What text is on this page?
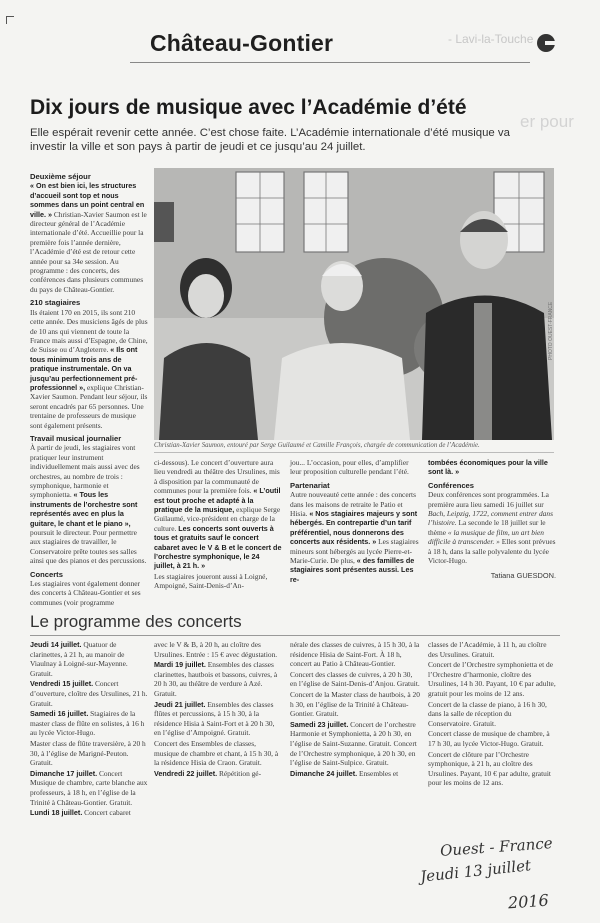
Château-Gontier	- Lavi-la-Touche
Dix jours de musique avec l’Académie d’été
er pour
Elle espérait revenir cette année. C’est chose faite. L’Académie internationale d’été musique va investir la ville et son pays à partir de jeudi et ce jusqu’au 24 juillet.
Deuxième séjour

« On est bien ici, les structures d’accueil sont top et nous sommes dans un point central en ville. » Christian-Xavier Saumon est le directeur général de l’Académie internationale d’été. Accueillie pour la première fois l’année dernière, l’Académie d’été est de retour cette année pour sa 34e session. Au programme : des concerts, des conférences dans plusieurs communes du pays de Château-Gontier.

210 stagiaires

Ils étaient 170 en 2015, ils sont 210 cette année. Des musiciens âgés de plus de 10 ans qui viennent de toute la France mais aussi d’Espagne, de Chine, de Suisse ou d’Angleterre. « Ils ont tous minimum trois ans de pratique instrumentale. On va jusqu’au perfectionnement pré-professionnel », explique Christian-Xavier Saumon. Pendant leur séjour, ils seront encadrés par 65 personnes. Une trentaine de professeurs de musique sont également présents.

Travail musical journalier

À partir de jeudi, les stagiaires vont pratiquer leur instrument individuellement mais aussi avec des orchestres, au nombre de trois : symphonique, harmonie et symphonietta. « Tous les instruments de l’orchestre sont représentés avec en plus la guitare, le chant et le piano », poursuit le directeur. Pour permettre aux stagiaires de travailler, le Conservatoire prête toutes ses salles ainsi que des pianos et des percussions.

Concerts

Les stagiaires vont également donner des concerts à Château-Gontier et ses communes (voir programme

PHOTO OUEST-FRANCE
Christian-Xavier Saumon, entouré par Serge Guilaumé et Camille François, chargée de communication de l’Académie.

ci-dessous). Le concert d’ouverture aura lieu vendredi au théâtre des Ursulines, mis à disposition par la communauté de communes pour la première fois. « L’outil est tout proche et adapté à la pratique de la musique, explique Serge Guilaumé, vice-président en charge de la culture. Les concerts sont ouverts à tous et gratuits sauf le concert cabaret avec le V & B et le concert de l’orchestre symphonique, le 24 juillet, à 21 h. »

Les stagiaires joueront aussi à Loigné, Ampoigné, Saint-Denis-d’An-

jou... L’occasion, pour elles, d’amplifier leur proposition culturelle pendant l’été.

Partenariat

Autre nouveauté cette année : des concerts dans les maisons de retraite le Patio et Hisia. « Nos stagiaires majeurs y sont hébergés. En contrepartie d’un tarif préférentiel, nous donnerons des concerts aux résidents. » Les stagiaires mineurs sont hébergés au lycée Pierre-et-Marie-Curie. De plus, « des familles de stagiaires sont présentes aussi. Les re-

tombées économiques pour la ville sont là. »

Conférences

Deux conférences sont programmées. La première aura lieu samedi 16 juillet sur Bach, Leipzig, 1722, comment entrer dans l’histoire. La seconde le 18 juillet sur le thème « la musique de film, un art bien difficile à transcender. » Elles sont prévues à 18 h, dans la salle polyvalente du lycée Victor-Hugo.

Tatiana GUESDON.

Le programme des concerts

Jeudi 14 juillet. Quatuor de clarinettes, à 21 h, au manoir de Viaulnay à Loigné-sur-Mayenne. Gratuit.

Vendredi 15 juillet. Concert d’ouverture, cloître des Ursulines, 21 h. Gratuit.

Samedi 16 juillet. Stagiaires de la master class de flûte en solistes, à 16 h au lycée Victor-Hugo.

Master class de flûte traversière, à 20 h 30, à l’église de Marigné-Peuton. Gratuit.

Dimanche 17 juillet. Concert Musique de chambre, carte blanche aux professeurs, à 18 h, en l’église de la Trinité à Château-Gontier. Gratuit.

Lundi 18 juillet. Concert cabaret

avec le V & B, à 20 h, au cloître des Ursulines. Entrée : 15 € avec dégustation.

Mardi 19 juillet. Ensembles des classes clarinettes, hautbois et bassons, cuivres, à 20 h 30, au théâtre de verdure à Azé. Gratuit.

Jeudi 21 juillet. Ensembles des classes flûtes et percussions, à 15 h 30, à la résidence Hisia à Saint-Fort et à 20 h 30, en l’église d’Ampoigné. Gratuit.

Concert des Ensembles de classes, musique de chambre et chant, à 15 h 30, à la résidence Hisia de Craon. Gratuit.

Vendredi 22 juillet. Répétition gé-

nérale des classes de cuivres, à 15 h 30, à la résidence Hisia de Saint-Fort. À 18 h, concert au Patio à Château-Gontier.

Concert des classes de cuivres, à 20 h 30, en l’église de Saint-Denis-d’Anjou. Gratuit.

Concert de la Master class de hautbois, à 20 h 30, en l’église de la Trinité à Château-Gontier. Gratuit.

Samedi 23 juillet. Concert de l’orchestre Harmonie et Symphonietta, à 20 h 30, en l’église de Saint-Suzanne. Gratuit. Concert de l’Orchestre symphonique, à 20 h 30, en l’église de Saint-Sulpice. Gratuit.

Dimanche 24 juillet. Ensembles et

classes de l’Académie, à 11 h, au cloître des Ursulines. Gratuit.

Concert de l’Orchestre symphonietta et de l’Orchestre d’harmonie, cloître des Ursulines, 14 h 30. Payant, 10 € par adulte, gratuit pour les moins de 12 ans.

Concert de la classe de piano, à 16 h 30, dans la salle de réception du Conservatoire. Gratuit.

Concert classe de musique de chambre, à 17 h 30, au lycée Victor-Hugo. Gratuit.

Concert de clôture par l’Orchestre symphonique, à 21 h, au cloître des Ursulines. Payant, 10 € par adulte, gratuit pour les moins de 12 ans.

Ouest - France
Jeudi 13 juillet
2016
